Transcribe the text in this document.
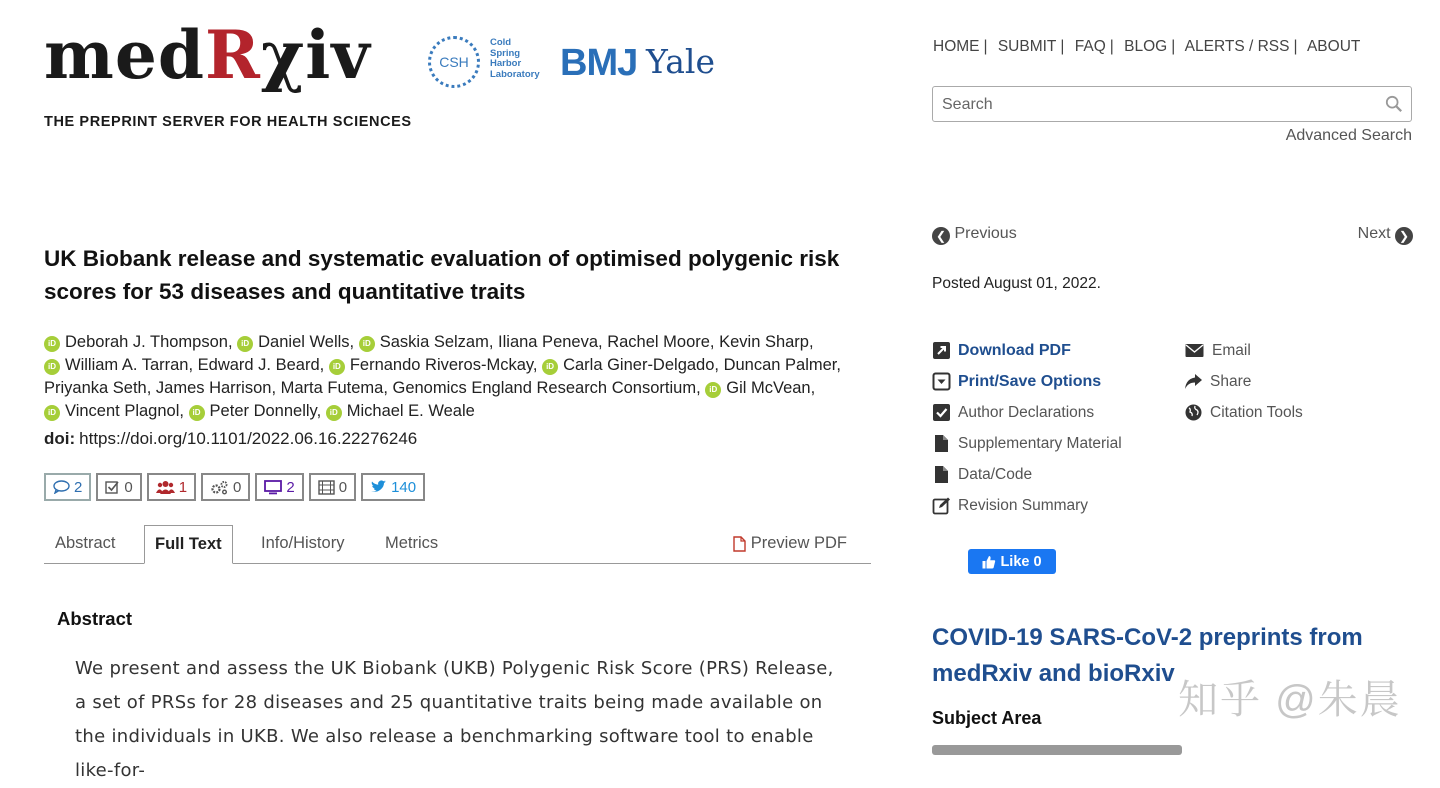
medRχiv
THE PREPRINT SERVER FOR HEALTH SCIENCES
CSH
Cold
Spring
Harbor
Laboratory BMJ Yale	HOME | SUBMIT | FAQ | BLOG | ALERTS / RSS | ABOUT
Search
Advanced Search
UK Biobank release and systematic evaluation of optimised polygenic risk scores for 53 diseases and quantitative traits
iD Deborah J. Thompson, iD Daniel Wells, iD Saskia Selzam, Iliana Peneva, Rachel Moore, Kevin Sharp,
iD William A. Tarran, Edward J. Beard, iD Fernando Riveros-Mckay, iD Carla Giner-Delgado, Duncan Palmer,
Priyanka Seth, James Harrison, Marta Futema, Genomics England Research Consortium, iD Gil McVean,
iD Vincent Plagnol, iD Peter Donnelly, iD Michael E. Weale
doi: https://doi.org/10.1101/2022.06.16.22276246
2	0	1	0	2	0	140
Abstract	Full Text	Info/History Metrics	Preview PDF
Abstract
We present and assess the UK Biobank (UKB) Polygenic Risk Score (PRS) Release, a set of PRSs for 28 diseases and 25 quantitative traits being made available on the individuals in UKB. We also release a benchmarking software tool to enable like-for-
❮ Previous	Next ❯
Posted August 01, 2022.
Download PDF
Print/Save Options
Author Declarations
Supplementary Material
Data/Code
Revision Summary
Email
Share
Citation Tools
Like 0
COVID-19 SARS-CoV-2 preprints from medRxiv and bioRxiv
Subject Area	知乎 @朱晨
